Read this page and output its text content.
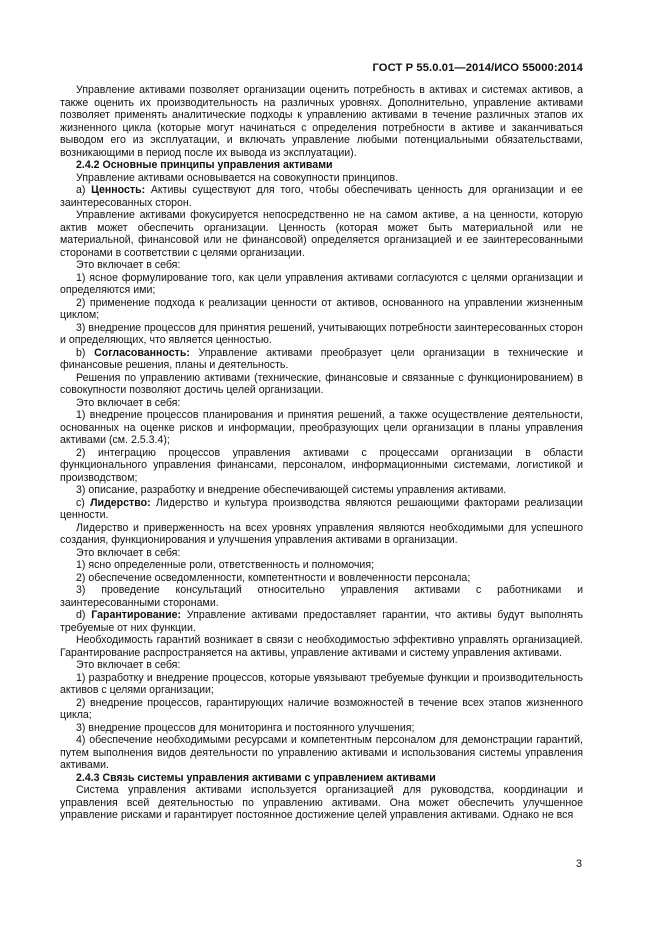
ГОСТ Р 55.0.01—2014/ИСО 55000:2014

Управление активами позволяет организации оценить потребность в активах и системах активов, а также оценить их производительность на различных уровнях. Дополнительно, управление активами позволяет применять аналитические подходы к управлению активами в течение различных этапов их жизненного цикла (которые могут начинаться с определения потребности в активе и заканчиваться выводом его из эксплуатации, и включать управление любыми потенциальными обязательствами, возникающими в период после их вывода из эксплуатации).

2.4.2 Основные принципы управления активами

Управление активами основывается на совокупности принципов.

а) Ценность: Активы существуют для того, чтобы обеспечивать ценность для организации и ее заинтересованных сторон.

Управление активами фокусируется непосредственно не на самом активе, а на ценности, которую актив может обеспечить организации. Ценность (которая может быть материальной или не материальной, финансовой или не финансовой) определяется организацией и ее заинтересованными сторонами в соответствии с целями организации.

Это включает в себя:

1) ясное формулирование того, как цели управления активами согласуются с целями организации и определяются ими;

2) применение подхода к реализации ценности от активов, основанного на управлении жизненным циклом;

3) внедрение процессов для принятия решений, учитывающих потребности заинтересованных сторон и определяющих, что является ценностью.

b) Согласованность: Управление активами преобразует цели организации в технические и финансовые решения, планы и деятельность.

Решения по управлению активами (технические, финансовые и связанные с функционированием) в совокупности позволяют достичь целей организации.

Это включает в себя:

1) внедрение процессов планирования и принятия решений, а также осуществление деятельности, основанных на оценке рисков и информации, преобразующих цели организации в планы управления активами (см. 2.5.3.4);

2) интеграцию процессов управления активами с процессами организации в области функционального управления финансами, персоналом, информационными системами, логистикой и производством;

3) описание, разработку и внедрение обеспечивающей системы управления активами.

с) Лидерство: Лидерство и культура производства являются решающими факторами реализации ценности.

Лидерство и приверженность на всех уровнях управления являются необходимыми для успешного создания, функционирования и улучшения управления активами в организации.

Это включает в себя:

1) ясно определенные роли, ответственность и полномочия;

2) обеспечение осведомленности, компетентности и вовлеченности персонала;

3) проведение консультаций относительно управления активами с работниками и заинтересованными сторонами.

d) Гарантирование: Управление активами предоставляет гарантии, что активы будут выполнять требуемые от них функции.

Необходимость гарантий возникает в связи с необходимостью эффективно управлять организацией. Гарантирование распространяется на активы, управление активами и систему управления активами.

Это включает в себя:

1) разработку и внедрение процессов, которые увязывают требуемые функции и производительность активов с целями организации;

2) внедрение процессов, гарантирующих наличие возможностей в течение всех этапов жизненного цикла;

3) внедрение процессов для мониторинга и постоянного улучшения;

4) обеспечение необходимыми ресурсами и компетентным персоналом для демонстрации гарантий, путем выполнения видов деятельности по управлению активами и использования системы управления активами.

2.4.3 Связь системы управления активами с управлением активами

Система управления активами используется организацией для руководства, координации и управления всей деятельностью по управлению активами. Она может обеспечить улучшенное управление рисками и гарантирует постоянное достижение целей управления активами. Однако не вся

3
